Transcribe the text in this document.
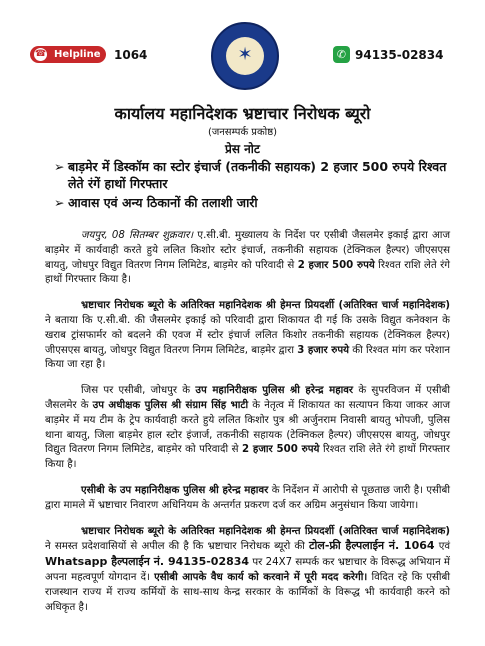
☎ Helpline 1064	✶	✆ 94135-02834
कार्यालय महानिदेशक भ्रष्टाचार निरोधक ब्यूरो
(जनसम्पर्क प्रकोष्ठ)
प्रेस नोट
➢ बाड़मेर में डिस्कॉम का स्टोर इंचार्ज (तकनीकी सहायक) 2 हजार 500 रुपये रिश्वत लेते रंगें हाथों गिरफ्तार
➢ आवास एवं अन्य ठिकानों की तलाशी जारी

जयपुर, 08 सितम्बर शुक्रवार। ए.सी.बी. मुख्यालय के निर्देश पर एसीबी जैसलमेर इकाई द्वारा आज बाड़मेर में कार्यवाही करते हुये ललित किशोर स्टोर इंचार्ज, तकनीकी सहायक (टेक्निकल हैल्पर) जीएसएस बायतु, जोधपुर विद्युत वितरण निगम लिमिटेड, बाड़मेर को परिवादी से 2 हजार 500 रुपये रिश्वत राशि लेते रंगे हाथों गिरफ्तार किया है।

भ्रष्टाचार निरोधक ब्यूरो के अतिरिक्त महानिदेशक श्री हेमन्त प्रियदर्शी (अतिरिक्त चार्ज महानिदेशक) ने बताया कि ए.सी.बी. की जैसलमेर इकाई को परिवादी द्वारा शिकायत दी गई कि उसके विद्युत कनेक्शन के खराब ट्रांसफार्मर को बदलने की एवज में स्टोर इंचार्ज ललित किशोर तकनीकी सहायक (टेक्निकल हैल्पर) जीएसएस बायतु, जोधपुर विद्युत वितरण निगम लिमिटेड, बाड़मेर द्वारा 3 हजार रुपये की रिश्वत मांग कर परेशान किया जा रहा है।

जिस पर एसीबी, जोधपुर के उप महानिरीक्षक पुलिस श्री हरेन्द्र महावर के सुपरविजन में एसीबी जैसलमेर के उप अधीक्षक पुलिस श्री संग्राम सिंह भाटी के नेतृत्व में शिकायत का सत्यापन किया जाकर आज बाड़मेर में मय टीम के ट्रेप कार्यवाही करते हुये ललित किशोर पुत्र श्री अर्जुनराम निवासी बायतु भोपजी, पुलिस थाना बायतु, जिला बाड़मेर हाल स्टोर इंजार्ज, तकनीकी सहायक (टेक्निकल हैल्पर) जीएसएस बायतु, जोधपुर विद्युत वितरण निगम लिमिटेड, बाड़मेर को परिवादी से 2 हजार 500 रुपये रिश्वत राशि लेते रंगे हाथों गिरफ्तार किया है।

एसीबी के उप महानिरीक्षक पुलिस श्री हरेन्द्र महावर के निर्देशन में आरोपी से पूछताछ जारी है। एसीबी द्वारा मामले में भ्रष्टाचार निवारण अधिनियम के अन्तर्गत प्रकरण दर्ज कर अग्रिम अनुसंधान किया जायेगा।

भ्रष्टाचार निरोधक ब्यूरो के अतिरिक्त महानिदेशक श्री हेमन्त प्रियदर्शी (अतिरिक्त चार्ज महानिदेशक) ने समस्त प्रदेशवासियों से अपील की है कि भ्रष्टाचार निरोधक ब्यूरो की टोल-फ्री हैल्पलाईन नं. 1064 एवं Whatsapp हैल्पलाईन नं. 94135-02834 पर 24X7 सम्पर्क कर भ्रष्टाचार के विरूद्ध अभियान में अपना महत्वपूर्ण योगदान दें। एसीबी आपके वैध कार्य को करवाने में पूरी मदद करेगी। विदित रहे कि एसीबी राजस्थान राज्य में राज्य कर्मियों के साथ-साथ केन्द्र सरकार के कार्मिकों के विरूद्ध भी कार्यवाही करने को अधिकृत है।
